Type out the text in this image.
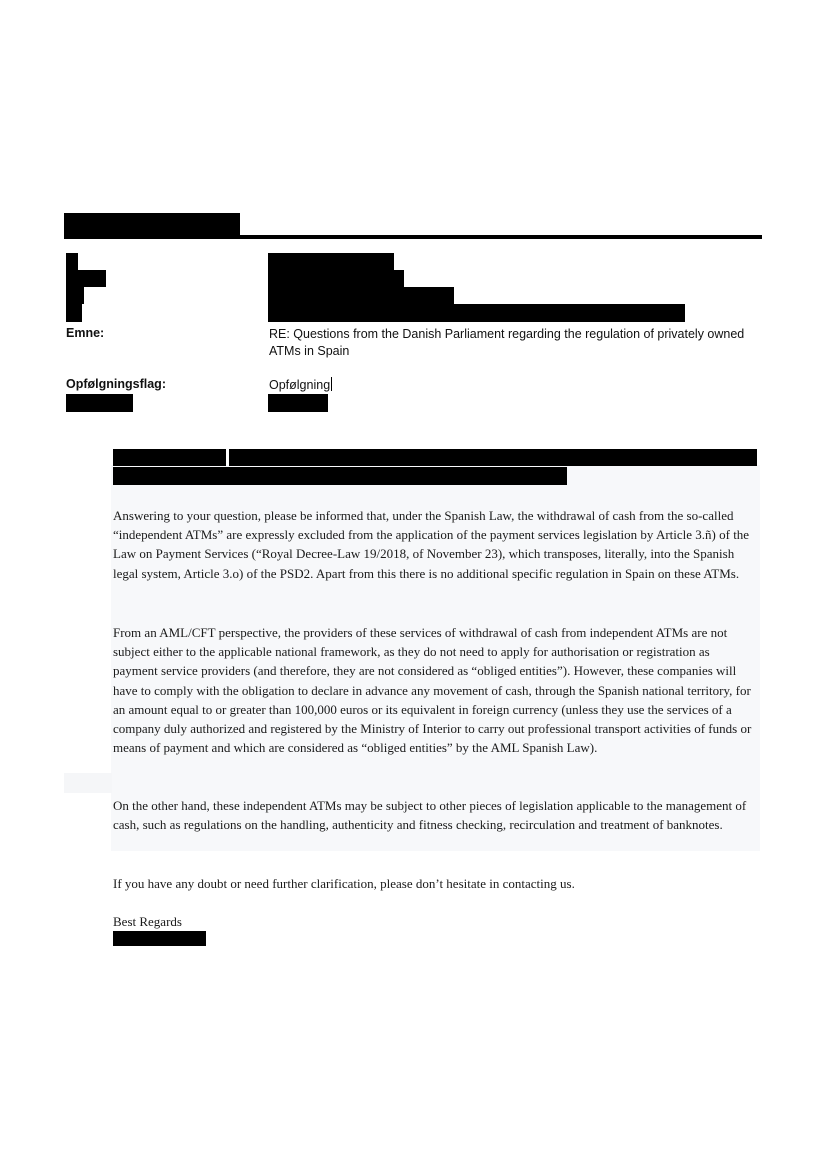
Emne:	RE: Questions from the Danish Parliament regarding the regulation of privately owned ATMs in Spain
Opfølgningsflag:	Opfølgning

Answering to your question, please be informed that, under the Spanish Law, the withdrawal of cash from the so-called “independent ATMs” are expressly excluded from the application of the payment services legislation by Article 3.ñ) of the Law on Payment Services (“Royal Decree-Law 19/2018, of November 23), which transposes, literally, into the Spanish legal system, Article 3.o) of the PSD2. Apart from this there is no additional specific regulation in Spain on these ATMs.

From an AML/CFT perspective, the providers of these services of withdrawal of cash from independent ATMs are not subject either to the applicable national framework, as they do not need to apply for authorisation or registration as payment service providers (and therefore, they are not considered as “obliged entities”). However, these companies will have to comply with the obligation to declare in advance any movement of cash, through the Spanish national territory, for an amount equal to or greater than 100,000 euros or its equivalent in foreign currency (unless they use the services of a company duly authorized and registered by the Ministry of Interior to carry out professional transport activities of funds or means of payment and which are considered as “obliged entities” by the AML Spanish Law).

On the other hand, these independent ATMs may be subject to other pieces of legislation applicable to the management of cash, such as regulations on the handling, authenticity and fitness checking, recirculation and treatment of banknotes.

If you have any doubt or need further clarification, please don’t hesitate in contacting us.

Best Regards
